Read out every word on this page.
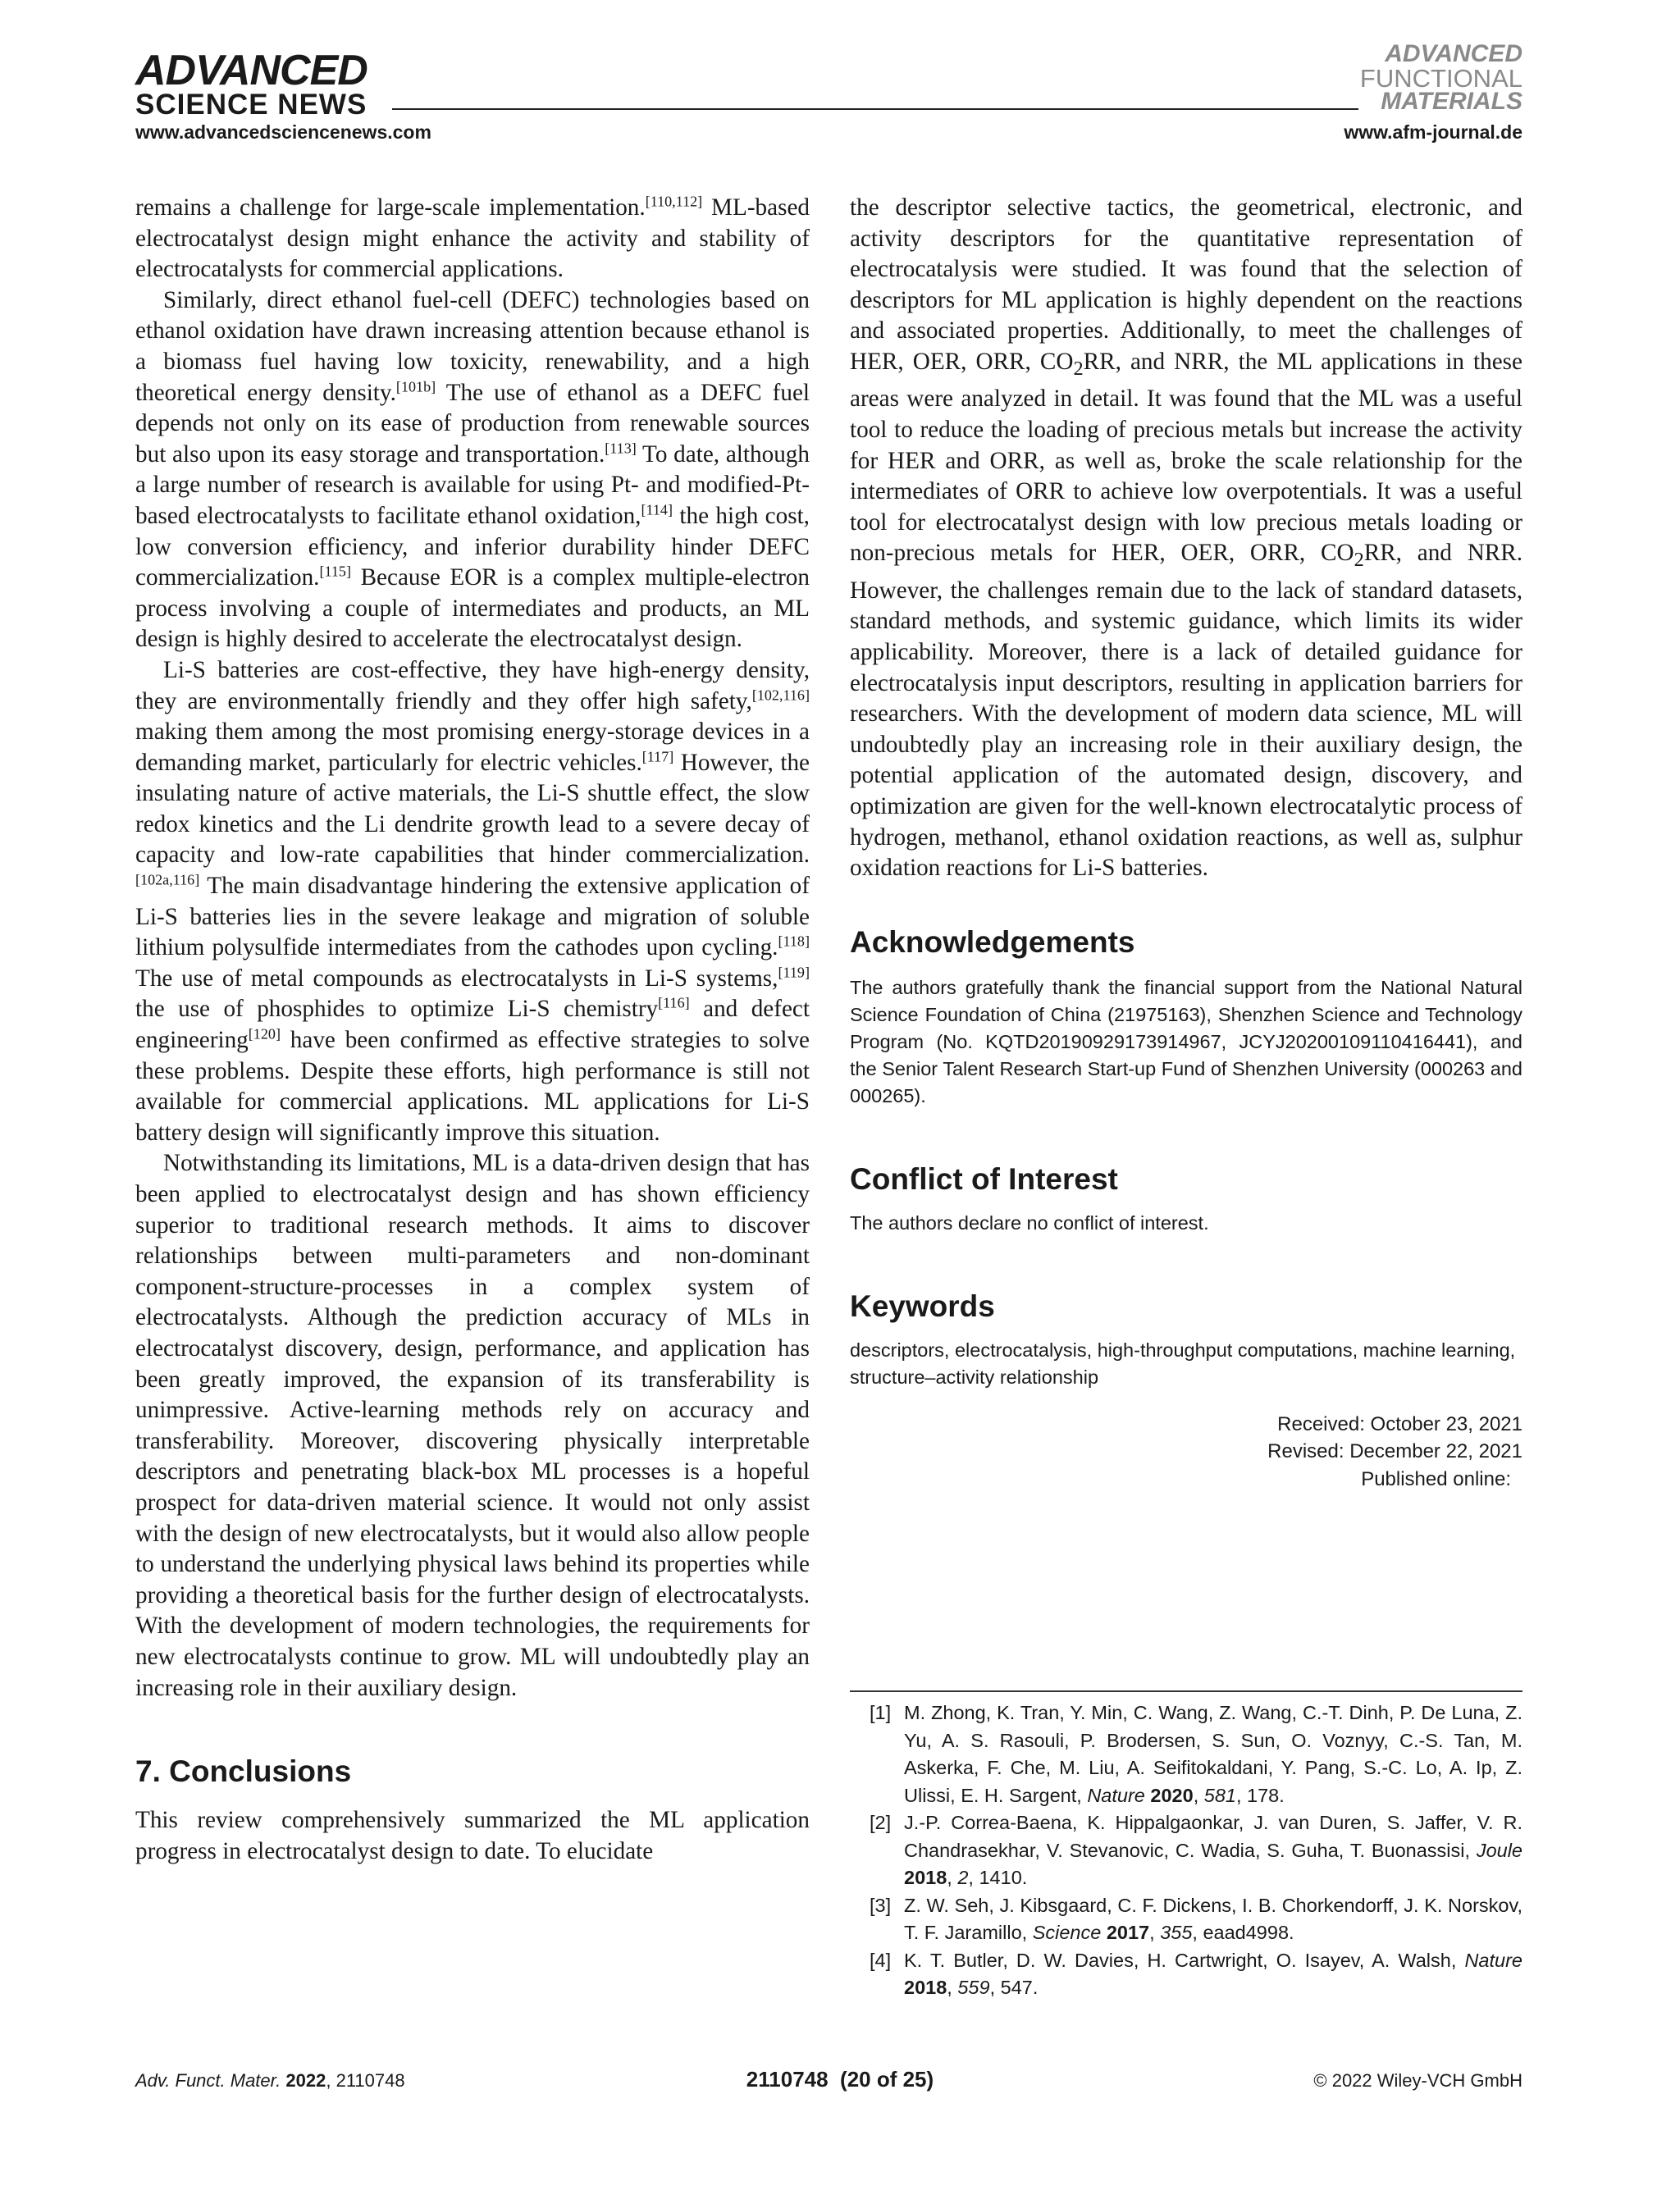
ADVANCED
SCIENCE NEWS
ADVANCED
FUNCTIONAL
MATERIALS
www.advancedsciencenews.com	www.afm-journal.de

remains a challenge for large-scale implementation.[110,112] ML-based electrocatalyst design might enhance the activity and stability of electrocatalysts for commercial applications.

Similarly, direct ethanol fuel-cell (DEFC) technologies based on ethanol oxidation have drawn increasing attention because ethanol is a biomass fuel having low toxicity, renewability, and a high theoretical energy density.[101b] The use of ethanol as a DEFC fuel depends not only on its ease of production from renewable sources but also upon its easy storage and transportation.[113] To date, although a large number of research is available for using Pt- and modified-Pt-based electrocatalysts to facilitate ethanol oxidation,[114] the high cost, low conversion efficiency, and inferior durability hinder DEFC commercialization.[115] Because EOR is a complex multiple-electron process involving a couple of intermediates and products, an ML design is highly desired to accelerate the electrocatalyst design.

Li-S batteries are cost-effective, they have high-energy density, they are environmentally friendly and they offer high safety,[102,116] making them among the most promising energy-storage devices in a demanding market, particularly for electric vehicles.[117] However, the insulating nature of active materials, the Li-S shuttle effect, the slow redox kinetics and the Li dendrite growth lead to a severe decay of capacity and low-rate capabilities that hinder commercialization.[102a,116] The main disadvantage hindering the extensive application of Li-S batteries lies in the severe leakage and migration of soluble lithium polysulfide intermediates from the cathodes upon cycling.[118] The use of metal compounds as electrocatalysts in Li-S systems,[119] the use of phosphides to optimize Li-S chemistry[116] and defect engineering[120] have been confirmed as effective strategies to solve these problems. Despite these efforts, high performance is still not available for commercial applications. ML applications for Li-S battery design will significantly improve this situation.

Notwithstanding its limitations, ML is a data-driven design that has been applied to electrocatalyst design and has shown efficiency superior to traditional research methods. It aims to discover relationships between multi-parameters and non-dominant component-structure-processes in a complex system of electrocatalysts. Although the prediction accuracy of MLs in electrocatalyst discovery, design, performance, and application has been greatly improved, the expansion of its transferability is unimpressive. Active-learning methods rely on accuracy and transferability. Moreover, discovering physically interpretable descriptors and penetrating black-box ML processes is a hopeful prospect for data-driven material science. It would not only assist with the design of new electrocatalysts, but it would also allow people to understand the underlying physical laws behind its properties while providing a theoretical basis for the further design of electrocatalysts. With the development of modern technologies, the requirements for new electrocatalysts continue to grow. ML will undoubtedly play an increasing role in their auxiliary design.

7. Conclusions

This review comprehensively summarized the ML application progress in electrocatalyst design to date. To elucidate

the descriptor selective tactics, the geometrical, electronic, and activity descriptors for the quantitative representation of electrocatalysis were studied. It was found that the selection of descriptors for ML application is highly dependent on the reactions and associated properties. Additionally, to meet the challenges of HER, OER, ORR, $CO_2RR$, and NRR, the ML applications in these areas were analyzed in detail. It was found that the ML was a useful tool to reduce the loading of precious metals but increase the activity for HER and ORR, as well as, broke the scale relationship for the intermediates of ORR to achieve low overpotentials. It was a useful tool for electrocatalyst design with low precious metals loading or non-precious metals for HER, OER, ORR, $CO_2RR$, and NRR. However, the challenges remain due to the lack of standard datasets, standard methods, and systemic guidance, which limits its wider applicability. Moreover, there is a lack of detailed guidance for electrocatalysis input descriptors, resulting in application barriers for researchers. With the development of modern data science, ML will undoubtedly play an increasing role in their auxiliary design, the potential application of the automated design, discovery, and optimization are given for the well-known electrocatalytic process of hydrogen, methanol, ethanol oxidation reactions, as well as, sulphur oxidation reactions for Li-S batteries.

Acknowledgements

The authors gratefully thank the financial support from the National Natural Science Foundation of China (21975163), Shenzhen Science and Technology Program (No. KQTD20190929173914967, JCYJ20200109110416441), and the Senior Talent Research Start-up Fund of Shenzhen University (000263 and 000265).

Conflict of Interest

The authors declare no conflict of interest.

Keywords

descriptors, electrocatalysis, high-throughput computations, machine learning, structure–activity relationship

Received: October 23, 2021
Revised: December 22, 2021
Published online:
[1] M. Zhong, K. Tran, Y. Min, C. Wang, Z. Wang, C.-T. Dinh, P. De Luna, Z. Yu, A. S. Rasouli, P. Brodersen, S. Sun, O. Voznyy, C.-S. Tan, M. Askerka, F. Che, M. Liu, A. Seifitokaldani, Y. Pang, S.-C. Lo, A. Ip, Z. Ulissi, E. H. Sargent, Nature 2020, 581, 178.
[2] J.-P. Correa-Baena, K. Hippalgaonkar, J. van Duren, S. Jaffer, V. R. Chandrasekhar, V. Stevanovic, C. Wadia, S. Guha, T. Buonassisi, Joule 2018, 2, 1410.
[3] Z. W. Seh, J. Kibsgaard, C. F. Dickens, I. B. Chorkendorff, J. K. Norskov, T. F. Jaramillo, Science 2017, 355, eaad4998.
[4] K. T. Butler, D. W. Davies, H. Cartwright, O. Isayev, A. Walsh, Nature 2018, 559, 547.
Adv. Funct. Mater. 2022, 2110748	2110748  (20 of 25)	© 2022 Wiley-VCH GmbH
